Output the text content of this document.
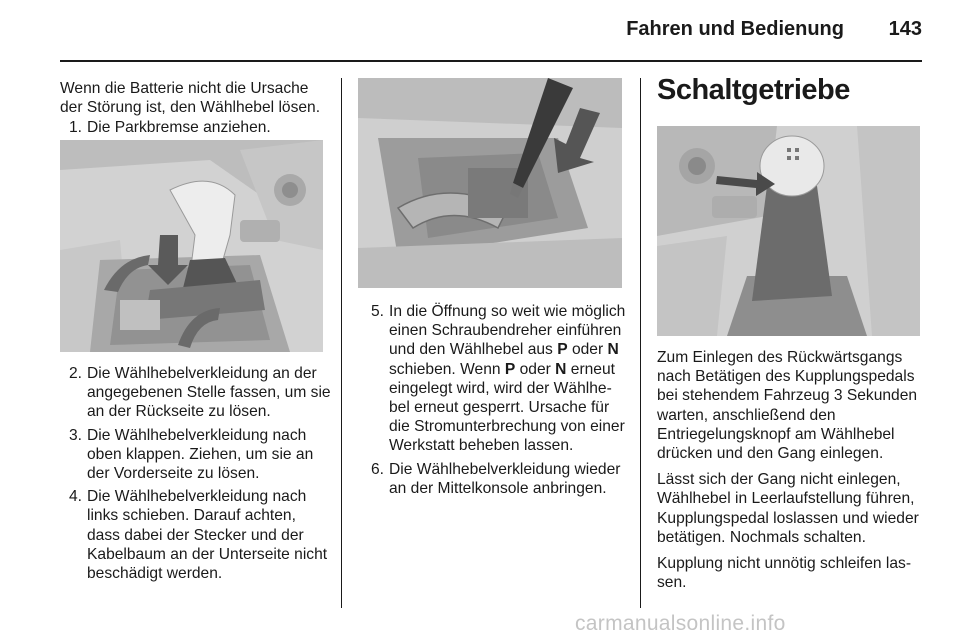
Fahren und Bedienung	143
Wenn die Batterie nicht die Ursache der Störung ist, den Wählhebel lösen.
1. Die Parkbremse anziehen.
2. Die Wählhebelverkleidung an der angegebenen Stelle fassen, um sie an der Rückseite zu lösen.
3. Die Wählhebelverkleidung nach oben klappen. Ziehen, um sie an der Vorderseite zu lösen.
4. Die Wählhebelverkleidung nach links schieben. Darauf achten, dass dabei der Stecker und der Kabelbaum an der Unterseite nicht beschädigt werden.
5. In die Öffnung so weit wie möglich einen Schraubendreher einführen und den Wählhebel aus P oder N schieben. Wenn P oder N erneut eingelegt wird, wird der Wählhebel erneut gesperrt. Ursache für die Stromunterbrechung von einer Werkstatt beheben lassen.
6. Die Wählhebelverkleidung wieder an der Mittelkonsole anbringen.
Schaltgetriebe

Zum Einlegen des Rückwärtsgangs nach Betätigen des Kupplungspedals bei stehendem Fahrzeug 3 Sekunden warten, anschließend den Entriegelungsknopf am Wählhebel drücken und den Gang einlegen.

Lässt sich der Gang nicht einlegen, Wählhebel in Leerlaufstellung führen, Kupplungspedal loslassen und wieder betätigen. Nochmals schalten.

Kupplung nicht unnötig schleifen lassen.

carmanualsonline.info
